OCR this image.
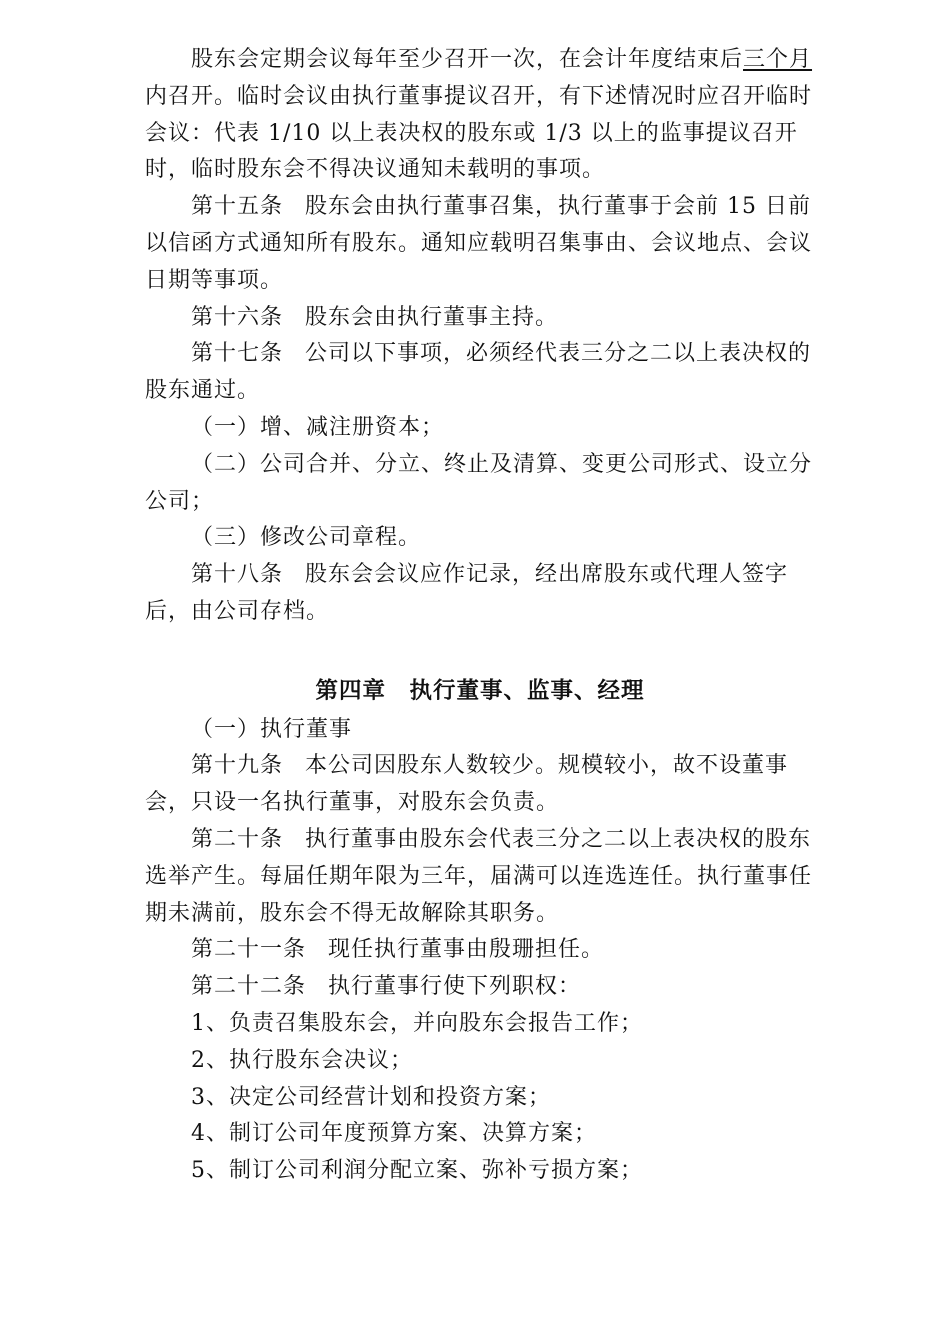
股东会定期会议每年至少召开一次，在会计年度结束后三个月内召开。临时会议由执行董事提议召开，有下述情况时应召开临时会议：代表 1/10 以上表决权的股东或 1/3 以上的监事提议召开时，临时股东会不得决议通知未载明的事项。

第十五条 股东会由执行董事召集，执行董事于会前 15 日前以信函方式通知所有股东。通知应载明召集事由、会议地点、会议日期等事项。

第十六条 股东会由执行董事主持。

第十七条 公司以下事项，必须经代表三分之二以上表决权的股东通过。

（一）增、减注册资本；

（二）公司合并、分立、终止及清算、变更公司形式、设立分公司；

（三）修改公司章程。

第十八条 股东会会议应作记录，经出席股东或代理人签字后，由公司存档。

第四章　执行董事、监事、经理

（一）执行董事

第十九条 本公司因股东人数较少。规模较小，故不设董事会，只设一名执行董事，对股东会负责。

第二十条 执行董事由股东会代表三分之二以上表决权的股东选举产生。每届任期年限为三年，届满可以连选连任。执行董事任期未满前，股东会不得无故解除其职务。

第二十一条 现任执行董事由殷珊担任。

第二十二条 执行董事行使下列职权：

1、负责召集股东会，并向股东会报告工作；

2、执行股东会决议；

3、决定公司经营计划和投资方案；

4、制订公司年度预算方案、决算方案；

5、制订公司利润分配立案、弥补亏损方案；
